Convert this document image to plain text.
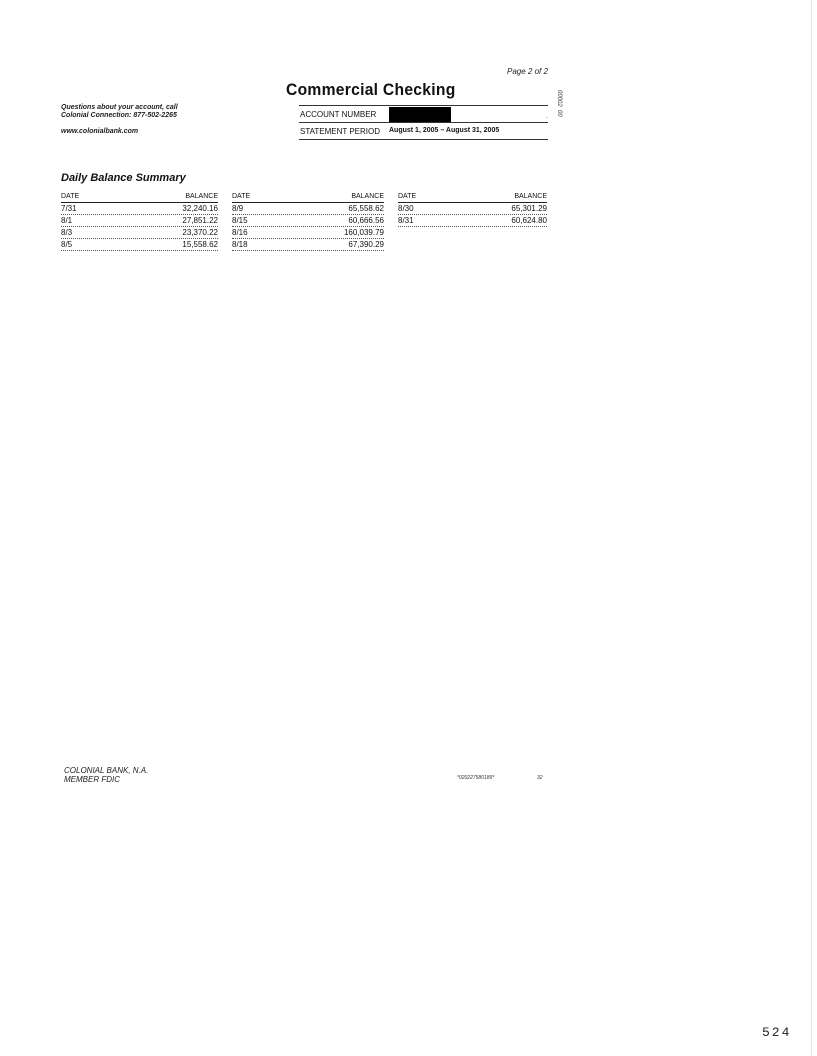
Page 2 of 2
Commercial Checking	00002
00
Questions about your account, call
Colonial Connection: 877-502-2265
www.colonialbank.com
ACCOUNT NUMBER	.
STATEMENT PERIOD August 1, 2005 – August 31, 2005
Daily Balance Summary
DATE	BALANCE
7/31	32,240.16
8/1	27,851.22
8/3	23,370.22
8/5	15,558.62
DATE	BALANCE
8/9	65,558.62
8/15	60,666.56
8/16	160,039.79
8/18	67,390.29
DATE	BALANCE
8/30	65,301.29
8/31	60,624.80
COLONIAL BANK, N.A.
MEMBER FDIC	*020227580189*	32
524
